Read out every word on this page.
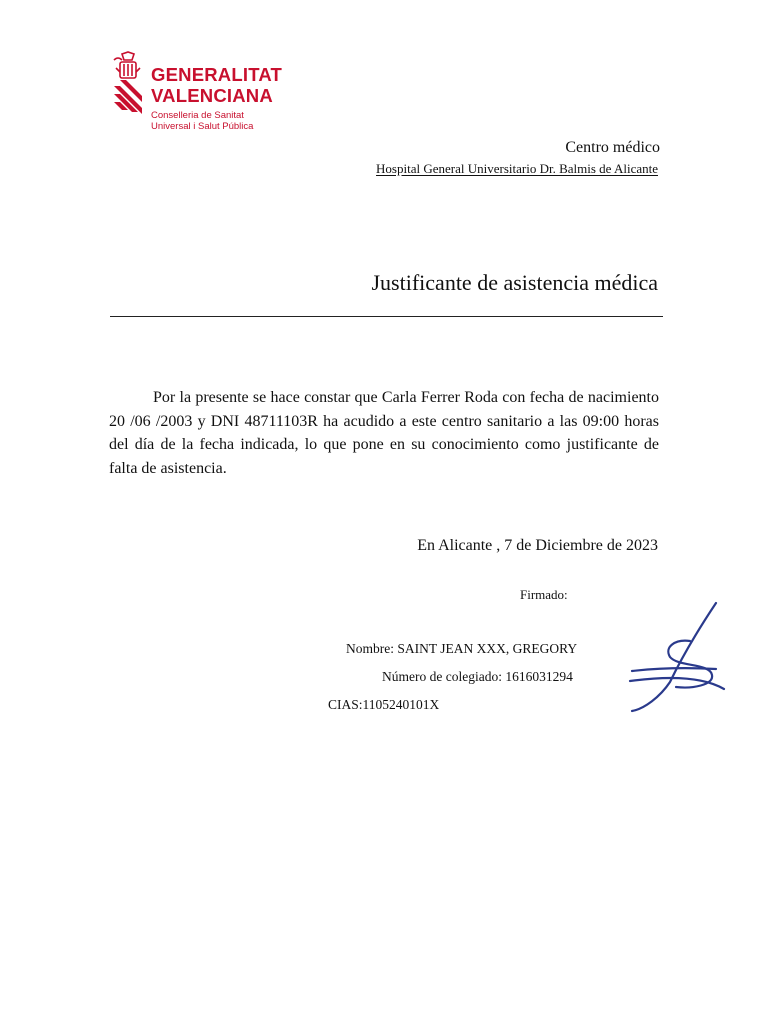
GENERALITAT
VALENCIANA
Conselleria de Sanitat
Universal i Salut Pública
Centro médico
Hospital General Universitario Dr. Balmis de Alicante
Justificante de asistencia médica

Por la presente se hace constar que Carla Ferrer Roda con fecha de nacimiento 20 /06 /2003 y DNI 48711103R ha acudido a este centro sanitario a las 09:00 horas del día de la fecha indicada, lo que pone en su conocimiento como justificante de falta de asistencia.

En Alicante , 7 de Diciembre de 2023
Firmado:
Nombre: SAINT JEAN XXX, GREGORY
Número de colegiado: 1616031294
CIAS:1105240101X
